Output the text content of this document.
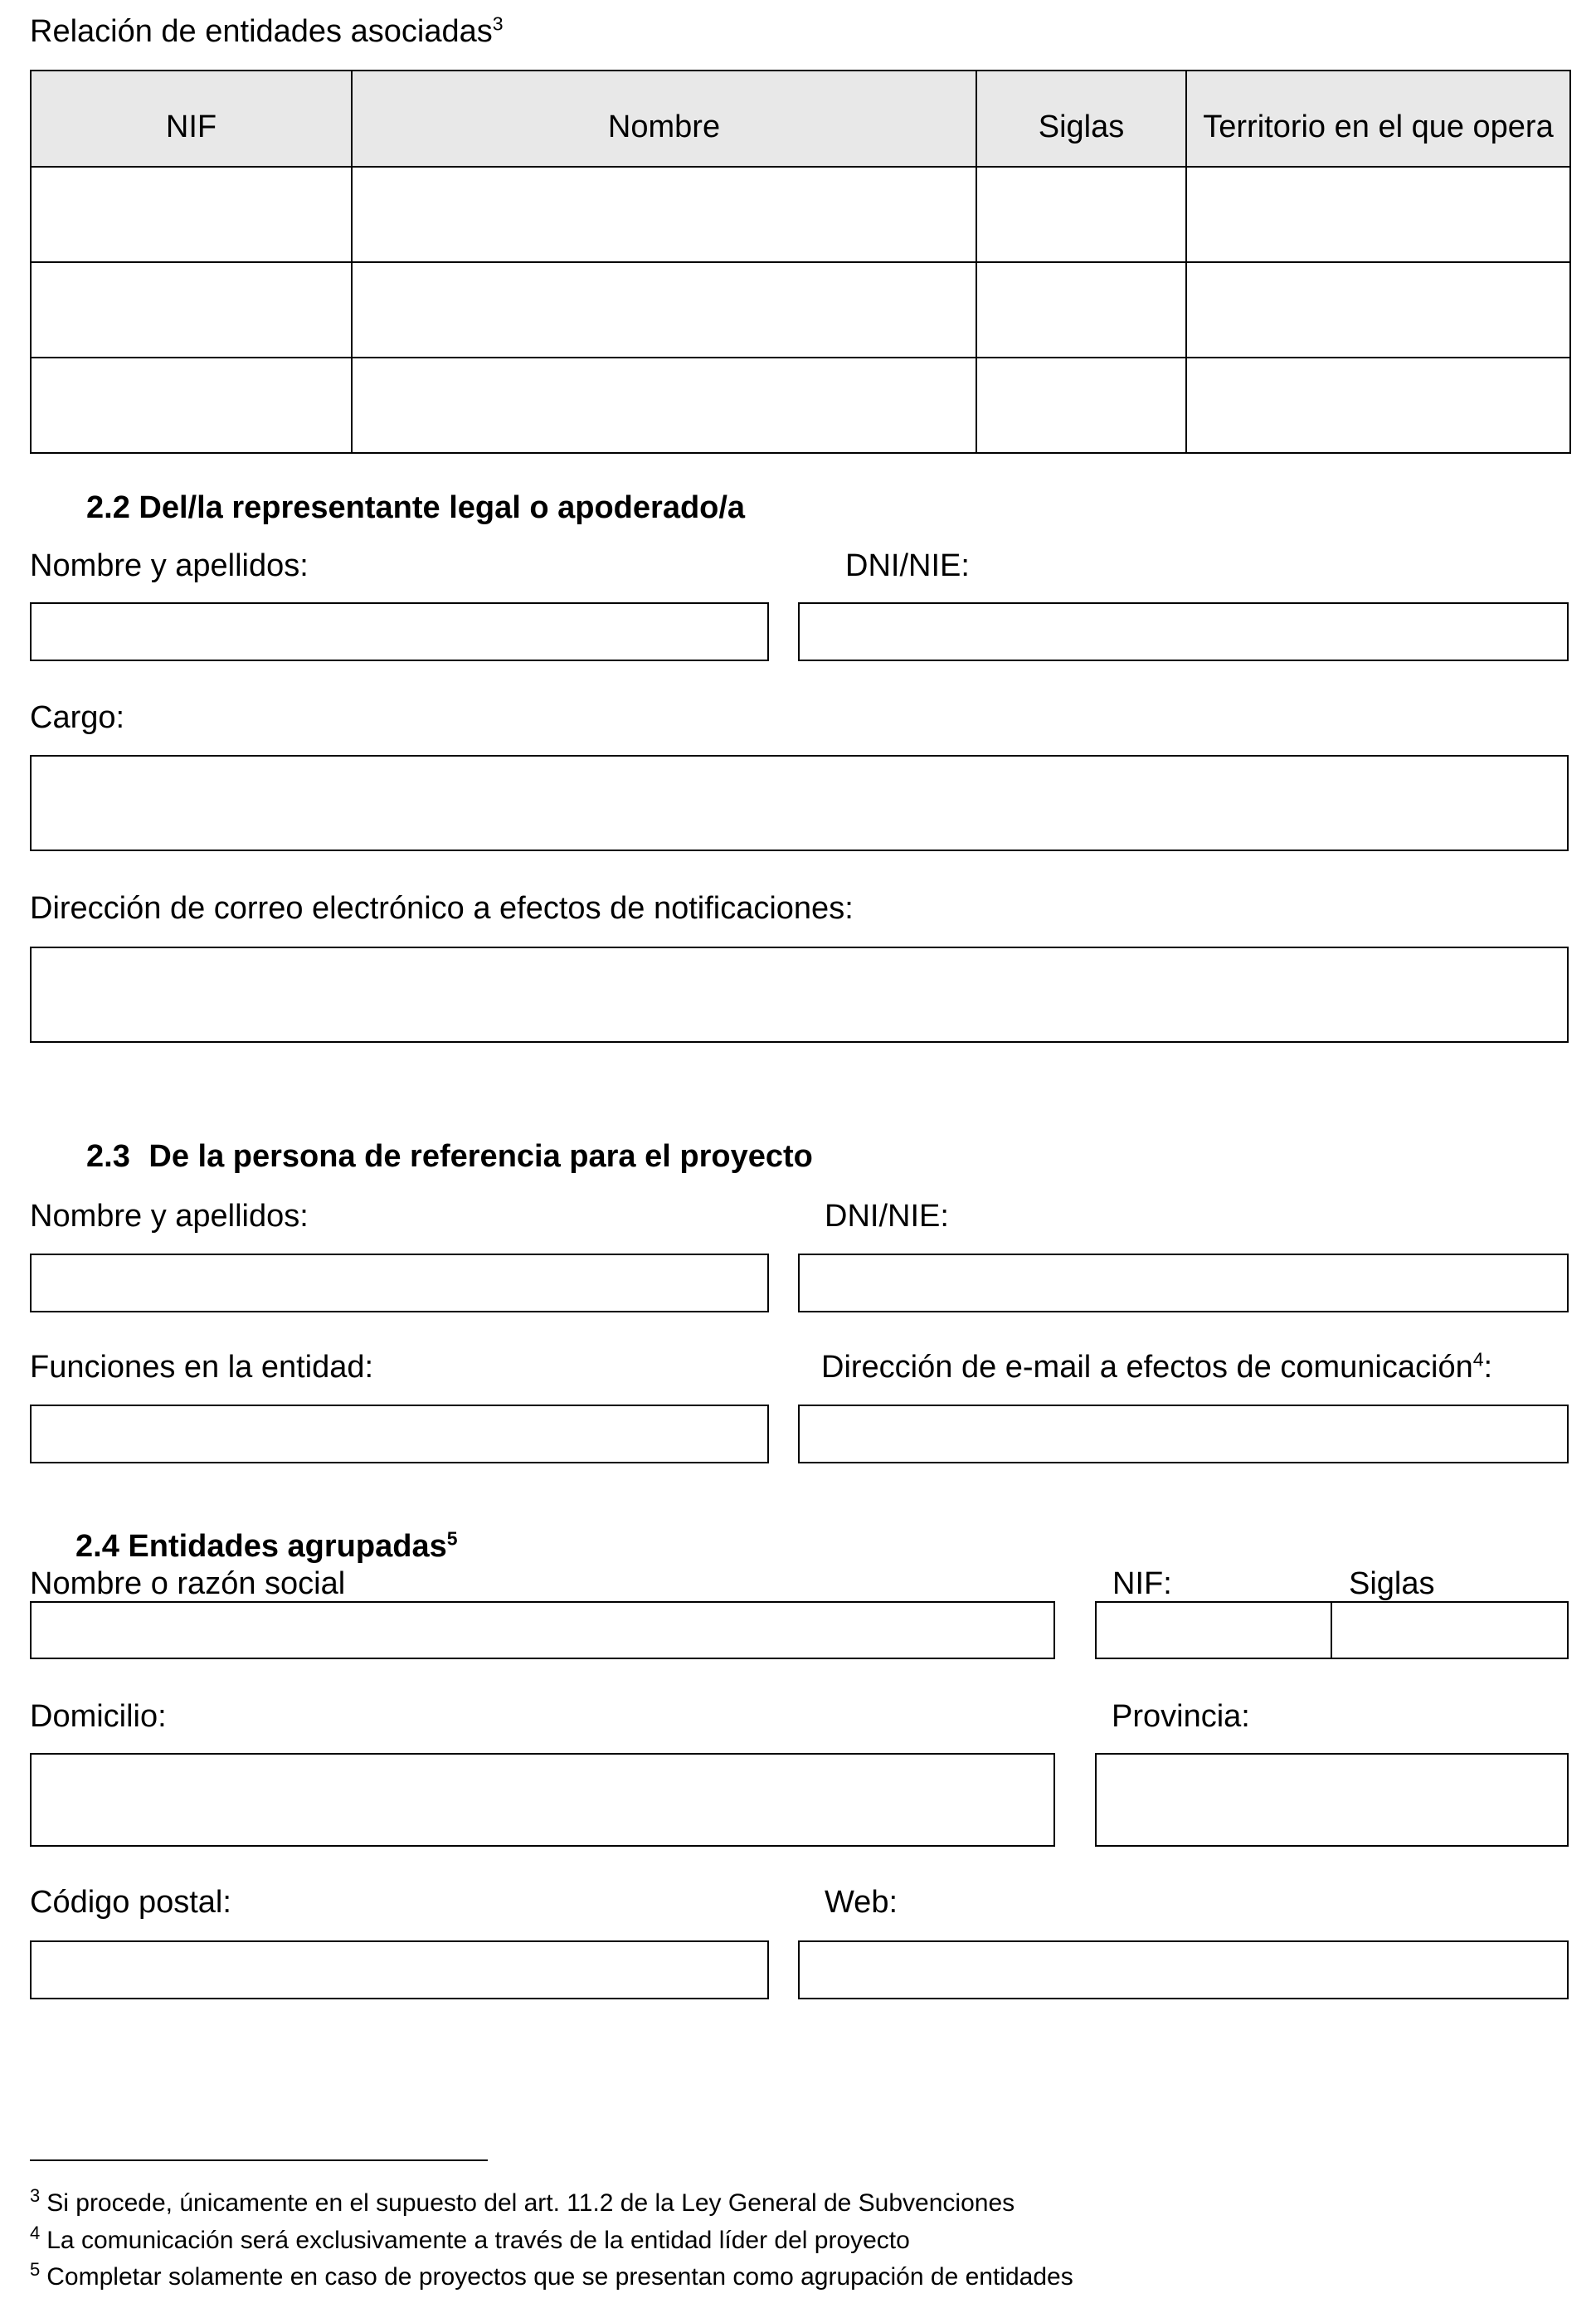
Relación de entidades asociadas$^3$
NIF	Nombre	Siglas	Territorio en el que opera

2.2 Del/la representante legal o apoderado/a
Nombre y apellidos:	DNI/NIE:
Cargo:
Dirección de correo electrónico a efectos de notificaciones:
2.3 De la persona de referencia para el proyecto
Nombre y apellidos:	DNI/NIE:
Funciones en la entidad:	Dirección de e-mail a efectos de comunicación$^4$:
2.4 Entidades agrupadas$^5$
Nombre o razón social	NIF:	Siglas
Domicilio:	Provincia:
Código postal:	Web:
$^3$ Si procede, únicamente en el supuesto del art. 11.2 de la Ley General de Subvenciones
$^4$ La comunicación será exclusivamente a través de la entidad líder del proyecto
$^5$ Completar solamente en caso de proyectos que se presentan como agrupación de entidades
